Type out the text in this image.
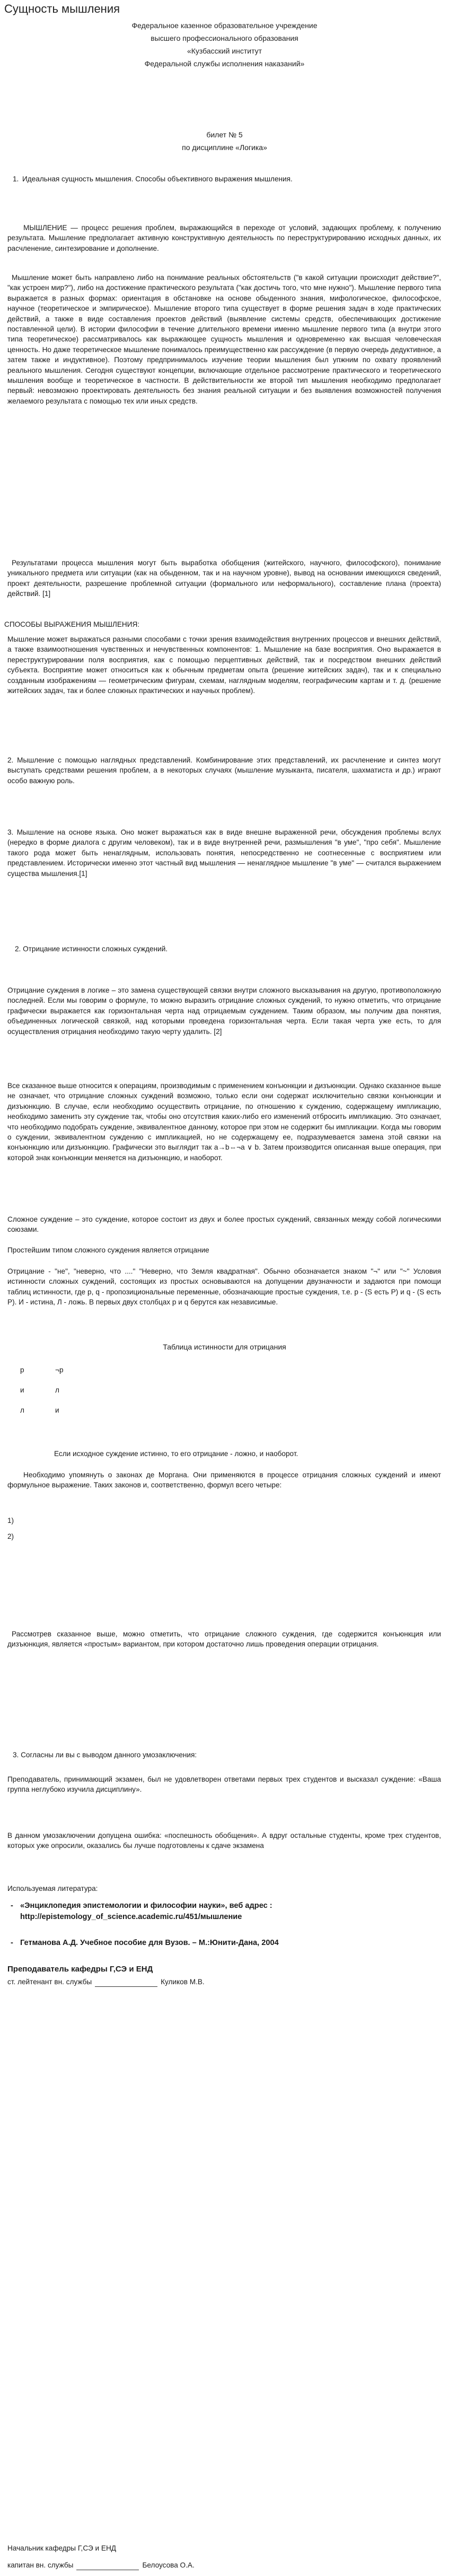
Сущность мышления
Федеральное казенное образовательное учреждение
высшего профессионального образования
«Кузбасский институт
Федеральной службы исполнения наказаний»
билет № 5
по дисциплине «Логика»
1. Идеальная сущность мышления. Способы объективного выражения мышления.

МЫШЛЕНИЕ — процесс решения проблем, выражающийся в переходе от условий, задающих проблему, к получению результата. Мышление предполагает активную конструктивную деятельность по переструктурированию исходных данных, их расчленение, синтезирование и дополнение.

Мышление может быть направлено либо на понимание реальных обстоятельств ("в какой ситуации происходит действие?", "как устроен мир?"), либо на достижение практического результата ("как достичь того, что мне нужно"). Мышление первого типа выражается в разных формах: ориентация в обстановке на основе обыденного знания, мифологическое, философское, научное (теоретическое и эмпирическое). Мышление второго типа существует в форме решения задач в ходе практических действий, а также в виде составления проектов действий (выявление системы средств, обеспечивающих достижение поставленной цели). В истории философии в течение длительного времени именно мышление первого типа (а внутри этого типа теоретическое) рассматривалось как выражающее сущность мышления и одновременно как высшая человеческая ценность. Но даже теоретическое мышление понималось преимущественно как рассуждение (в первую очередь дедуктивное, а затем также и индуктивное). Поэтому предпринималось изучение теории мышления был упжним по охвату проявлений реального мышления. Сегодня существуют концепции, включающие отдельное рассмотрение практического и теоретического мышления вообще и теоретическое в частности. В действительности же второй тип мышления необходимо предполагает первый: невозможно проектировать деятельность без знания реальной ситуации и без выявления возможностей получения желаемого результата с помощью тех или иных средств.

Результатами процесса мышления могут быть выработка обобщения (житейского, научного, философского), понимание уникального предмета или ситуации (как на обыденном, так и на научном уровне), вывод на основании имеющихся сведений, проект деятельности, разрешение проблемной ситуации (формального или неформального), составление плана (проекта) действий. [1]

СПОСОБЫ ВЫРАЖЕНИЯ МЫШЛЕНИЯ:

Мышление может выражаться разными способами с точки зрения взаимодействия внутренних процессов и внешних действий, а также взаимоотношения чувственных и нечувственных компонентов: 1. Мышление на базе восприятия. Оно выражается в переструктурировании поля восприятия, как с помощью перцептивных действий, так и посредством внешних действий субъекта. Восприятие может относиться как к обычным предметам опыта (решение житейских задач), так и к специально созданным изображениям — геометрическим фигурам, схемам, наглядным моделям, географическим картам и т. д. (решение житейских задач, так и более сложных практических и научных проблем).

2. Мышление с помощью наглядных представлений. Комбинирование этих представлений, их расчленение и синтез могут выступать средствами решения проблем, а в некоторых случаях (мышление музыканта, писателя, шахматиста и др.) играют особо важную роль.

3. Мышление на основе языка. Оно может выражаться как в виде внешне выраженной речи, обсуждения проблемы вслух (нередко в форме диалога с другим человеком), так и в виде внутренней речи, размышления "в уме", "про себя". Мышление такого рода может быть ненаглядным, использовать понятия, непосредственно не соотнесенные с восприятием или представлением. Исторически именно этот частный вид мышления — ненаглядное мышление "в уме" — считался выражением существа мышления.[1]

2. Отрицание истинности сложных суждений.

Отрицание суждения в логике – это замена существующей связки внутри сложного высказывания на другую, противоположную последней. Если мы говорим о формуле, то можно выразить отрицание сложных суждений, то нужно отметить, что отрицание графически выражается как горизонтальная черта над отрицаемым суждением. Таким образом, мы получим два понятия, объединенных логической связкой, над которыми проведена горизонтальная черта. Если такая черта уже есть, то для осуществления отрицания необходимо такую черту удалить. [2]

Все сказанное выше относится к операциям, производимым с применением конъюнкции и дизъюнкции. Однако сказанное выше не означает, что отрицание сложных суждений возможно, только если они содержат исключительно связки конъюнкции и дизъюнкцию. В случае, если необходимо осуществить отрицание, по отношению к суждению, содержащему импликацию, необходимо заменить эту суждение так, чтобы оно отсутствия каких-либо его изменений отбросить импликацию. Это означает, что необходимо подобрать суждение, эквивалентное данному, которое при этом не содержит бы импликации. Когда мы говорим о суждении, эквивалентном суждению с импликацией, но не содержащему ее, подразумевается замена этой связки на конъюнкцию или дизъюнкцию. Графически это выглядит так а→b⇔¬а ∨ b. Затем производится описанная выше операция, при которой знак конъюнкции меняется на дизъюнкцию, и наоборот.

Сложное суждение – это суждение, которое состоит из двух и более простых суждений, связанных между собой логическими союзами.

Простейшим типом сложного суждения является отрицание

Отрицание - "не", "неверно, что ...." "Неверно, что Земля квадратная". Обычно обозначается знаком "¬" или "~" Условия истинности сложных суждений, состоящих из простых основываются на допущении двузначности и задаются при помощи таблиц истинности, где р, q - пропозициональные переменные, обозначающие простые суждения, т.е. р - (S есть Р) и q - (S есть Р). И - истина, Л - ложь. В первых двух столбцах р и q берутся как независимые.

Таблица истинности для отрицания
p	¬p
и	л
л	и
Если исходное суждение истинно, то его отрицание - ложно, и наоборот.

Необходимо упомянуть о законах де Моргана. Они применяются в процессе отрицания сложных суждений и имеют формульное выражение. Таких законов и, соответственно, формул всего четыре:

1)
2)

Рассмотрев сказанное выше, можно отметить, что отрицание сложного суждения, где содержится конъюнкция или дизъюнкция, является «простым» вариантом, при котором достаточно лишь проведения операции отрицания.

3. Согласны ли вы с выводом данного умозаключения:

Преподаватель, принимающий экзамен, был не удовлетворен ответами первых трех студентов и высказал суждение: «Ваша группа неглубоко изучила дисциплину».

В данном умозаключении допущена ошибка: «поспешность обобщения». А вдруг остальные студенты, кроме трех студентов, которых уже опросили, оказались бы лучше подготовлены к сдаче экзамена

Используемая литература:
- «Энциклопедия эпистемологии и философии науки», веб адрес : http://epistemology_of_science.academic.ru/451/мышление
- Гетманова А.Д. Учебное пособие для Вузов. – М.:Юнити-Дана, 2004
Преподаватель кафедры Г,СЭ и ЕНД
ст. лейтенант вн. службы	Куликов М.В.
Начальник кафедры Г,СЭ и ЕНД
капитан вн. службы	Белоусова О.А.
